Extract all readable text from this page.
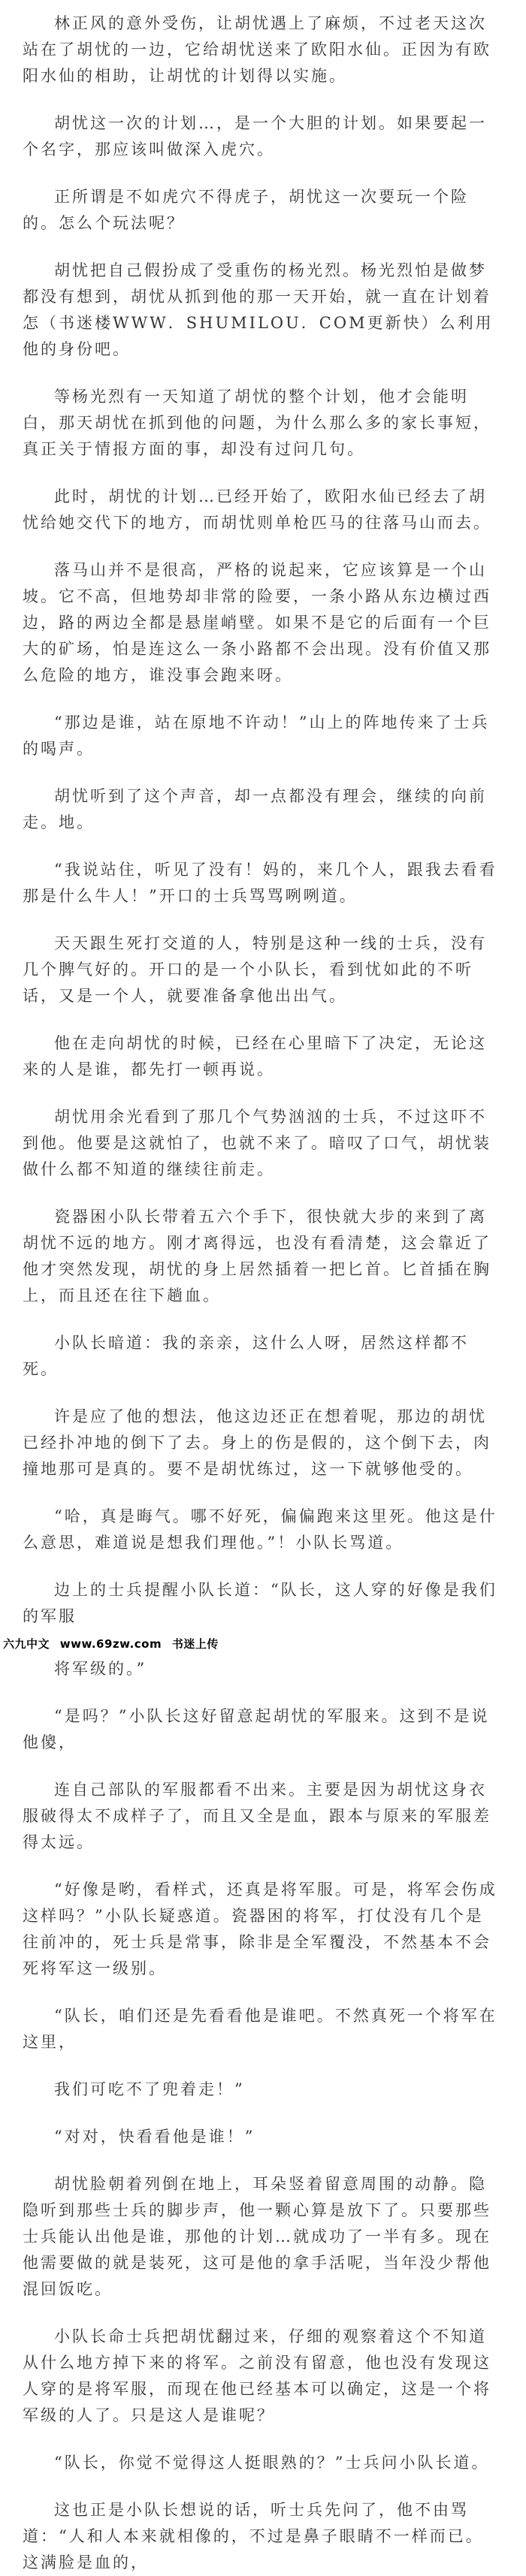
林正风的意外受伤，让胡忧遇上了麻烦，不过老天这次站在了胡忧的一边，它给胡忧送来了欧阳水仙。正因为有欧阳水仙的相助，让胡忧的计划得以实施。

胡忧这一次的计划…，是一个大胆的计划。如果要起一个名字，那应该叫做深入虎穴。

正所谓是不如虎穴不得虎子，胡忧这一次要玩一个险的。怎么个玩法呢？

胡忧把自己假扮成了受重伤的杨光烈。杨光烈怕是做梦都没有想到，胡忧从抓到他的那一天开始，就一直在计划着怎（书迷楼WWW．SHUMILOU．COM更新快）么利用他的身份吧。

等杨光烈有一天知道了胡忧的整个计划，他才会能明白，那天胡忧在抓到他的问题，为什么那么多的家长事短，真正关于情报方面的事，却没有过问几句。

此时，胡忧的计划…已经开始了，欧阳水仙已经去了胡忧给她交代下的地方，而胡忧则单枪匹马的往落马山而去。

落马山并不是很高，严格的说起来，它应该算是一个山坡。它不高，但地势却非常的险要，一条小路从东边横过西边，路的两边全都是悬崖峭壁。如果不是它的后面有一个巨大的矿场，怕是连这么一条小路都不会出现。没有价值又那么危险的地方，谁没事会跑来呀。

“那边是谁，站在原地不许动！”山上的阵地传来了士兵的喝声。

胡忧听到了这个声音，却一点都没有理会，继续的向前走。地。

“我说站住，听见了没有！妈的，来几个人，跟我去看看那是什么牛人！”开口的士兵骂骂咧咧道。

天天跟生死打交道的人，特别是这种一线的士兵，没有几个脾气好的。开口的是一个小队长，看到忧如此的不听话，又是一个人，就要准备拿他出出气。

他在走向胡忧的时候，已经在心里暗下了决定，无论这来的人是谁，都先打一顿再说。

胡忧用余光看到了那几个气势汹汹的士兵，不过这吓不到他。他要是这就怕了，也就不来了。暗叹了口气，胡忧装做什么都不知道的继续往前走。

瓷器困小队长带着五六个手下，很快就大步的来到了离胡忧不远的地方。刚才离得远，也没有看清楚，这会靠近了他才突然发现，胡忧的身上居然插着一把匕首。匕首插在胸上，而且还在往下趟血。

小队长暗道：我的亲亲，这什么人呀，居然这样都不死。

许是应了他的想法，他这边还正在想着呢，那边的胡忧已经扑冲地的倒下了去。身上的伤是假的，这个倒下去，肉撞地那可是真的。要不是胡忧练过，这一下就够他受的。

“哈，真是晦气。哪不好死，偏偏跑来这里死。他这是什么意思，难道说是想我们理他。”！小队长骂道。

边上的士兵提醒小队长道：“队长，这人穿的好像是我们的军服

六九中文 www.69zw.com 书迷上传

将军级的。”

“是吗？”小队长这好留意起胡忧的军服来。这到不是说他傻，

连自己部队的军服都看不出来。主要是因为胡忧这身衣服破得太不成样子了，而且又全是血，跟本与原来的军服差得太远。

“好像是哟，看样式，还真是将军服。可是，将军会伤成这样吗？”小队长疑惑道。瓷器困的将军，打仗没有几个是往前冲的，死士兵是常事，除非是全军覆没，不然基本不会死将军这一级别。

“队长，咱们还是先看看他是谁吧。不然真死一个将军在这里，

我们可吃不了兜着走！”

“对对，快看看他是谁！”

胡忧脸朝着列倒在地上，耳朵竖着留意周围的动静。隐隐听到那些士兵的脚步声，他一颗心算是放下了。只要那些士兵能认出他是谁，那他的计划…就成功了一半有多。现在他需要做的就是装死，这可是他的拿手活呢，当年没少帮他混回饭吃。

小队长命士兵把胡忧翻过来，仔细的观察着这个不知道从什么地方掉下来的将军。之前没有留意，他也没有发现这人穿的是将军服，而现在他已经基本可以确定，这是一个将军级的人了。只是这人是谁呢？

“队长，你觉不觉得这人挺眼熟的？”士兵问小队长道。

这也正是小队长想说的话，听士兵先问了，他不由骂道：“人和人本来就相像的，不过是鼻子眼睛不一样而已。这满脸是血的，
